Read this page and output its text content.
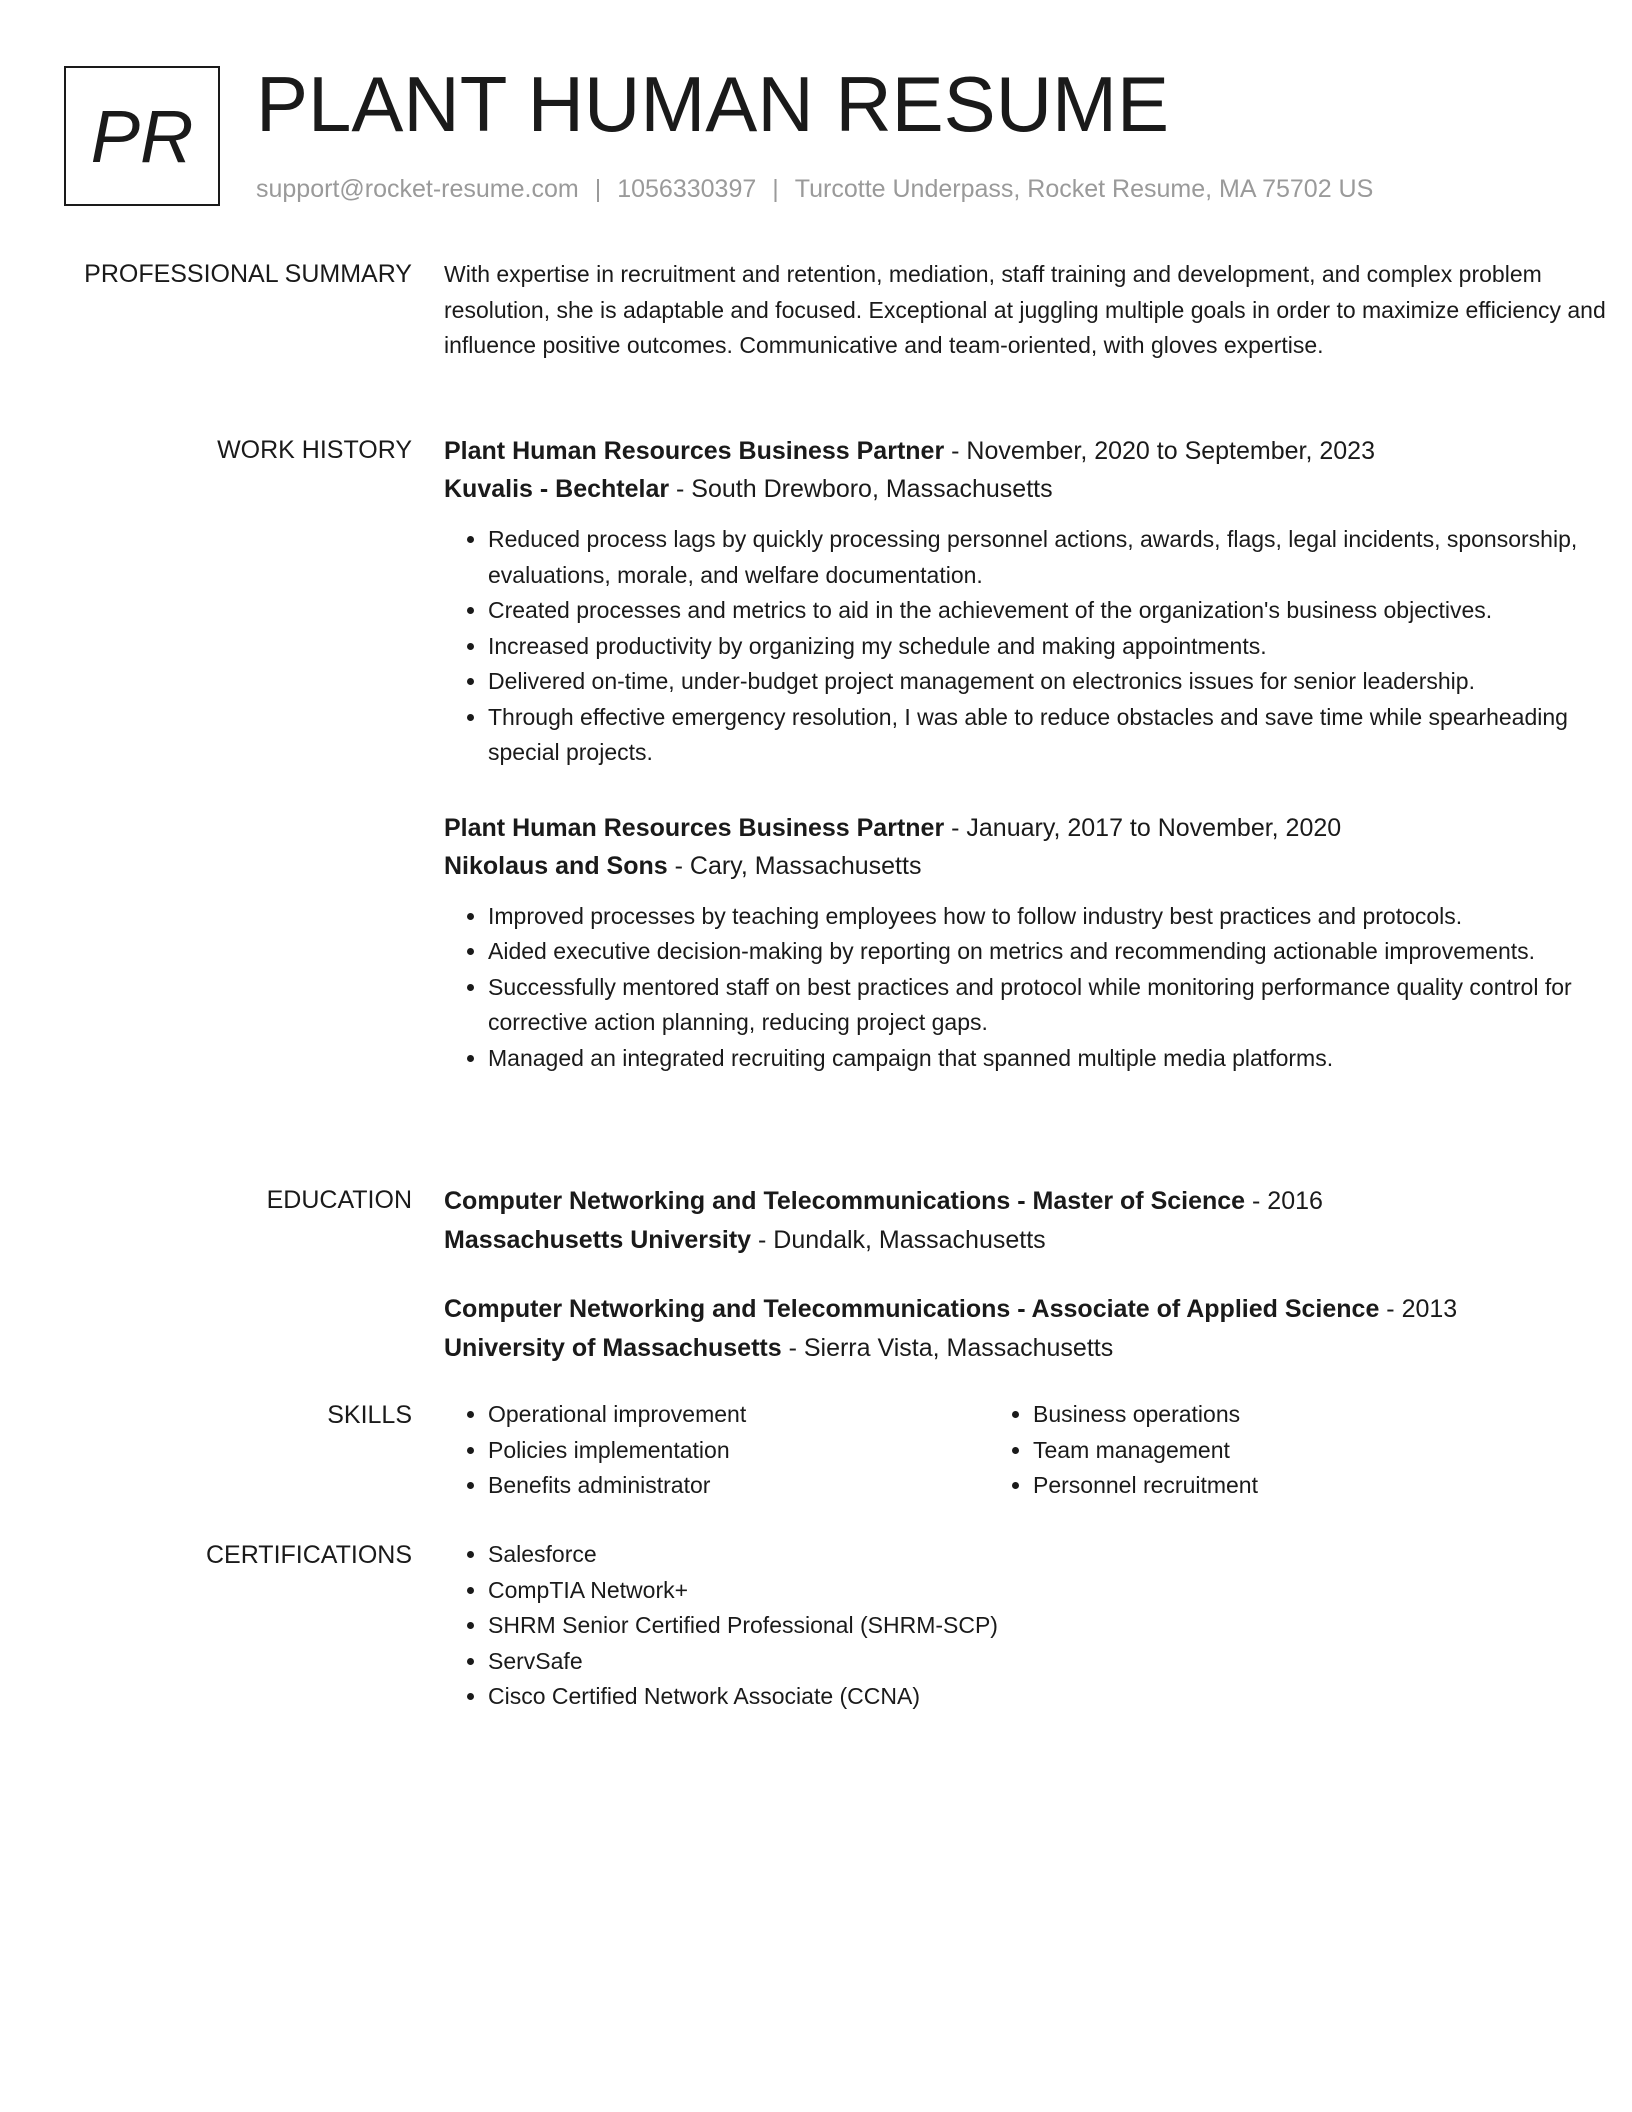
PR PLANT HUMAN RESUME
support@rocket-resume.com | 1056330397 | Turcotte Underpass, Rocket Resume, MA 75702 US
PROFESSIONAL SUMMARY With expertise in recruitment and retention, mediation, staff training and development, and complex problem resolution, she is adaptable and focused. Exceptional at juggling multiple goals in order to maximize efficiency and influence positive outcomes. Communicative and team-oriented, with gloves expertise.

WORK HISTORY Plant Human Resources Business Partner - November, 2020 to September, 2023
Kuvalis - Bechtelar - South Drewboro, Massachusetts
• Reduced process lags by quickly processing personnel actions, awards, flags, legal incidents, sponsorship, evaluations, morale, and welfare documentation.
• Created processes and metrics to aid in the achievement of the organization's business objectives.
• Increased productivity by organizing my schedule and making appointments.
• Delivered on-time, under-budget project management on electronics issues for senior leadership.
• Through effective emergency resolution, I was able to reduce obstacles and save time while spearheading special projects.
Plant Human Resources Business Partner - January, 2017 to November, 2020
Nikolaus and Sons - Cary, Massachusetts
• Improved processes by teaching employees how to follow industry best practices and protocols.
• Aided executive decision-making by reporting on metrics and recommending actionable improvements.
• Successfully mentored staff on best practices and protocol while monitoring performance quality control for corrective action planning, reducing project gaps.
• Managed an integrated recruiting campaign that spanned multiple media platforms.
EDUCATION Computer Networking and Telecommunications - Master of Science - 2016
Massachusetts University - Dundalk, Massachusetts
Computer Networking and Telecommunications - Associate of Applied Science - 2013
University of Massachusetts - Sierra Vista, Massachusetts
SKILLS	• Operational improvement
• Policies implementation
• Benefits administrator
• Business operations
• Team management
• Personnel recruitment
CERTIFICATIONS	• Salesforce
• CompTIA Network+
• SHRM Senior Certified Professional (SHRM-SCP)
• ServSafe
• Cisco Certified Network Associate (CCNA)
